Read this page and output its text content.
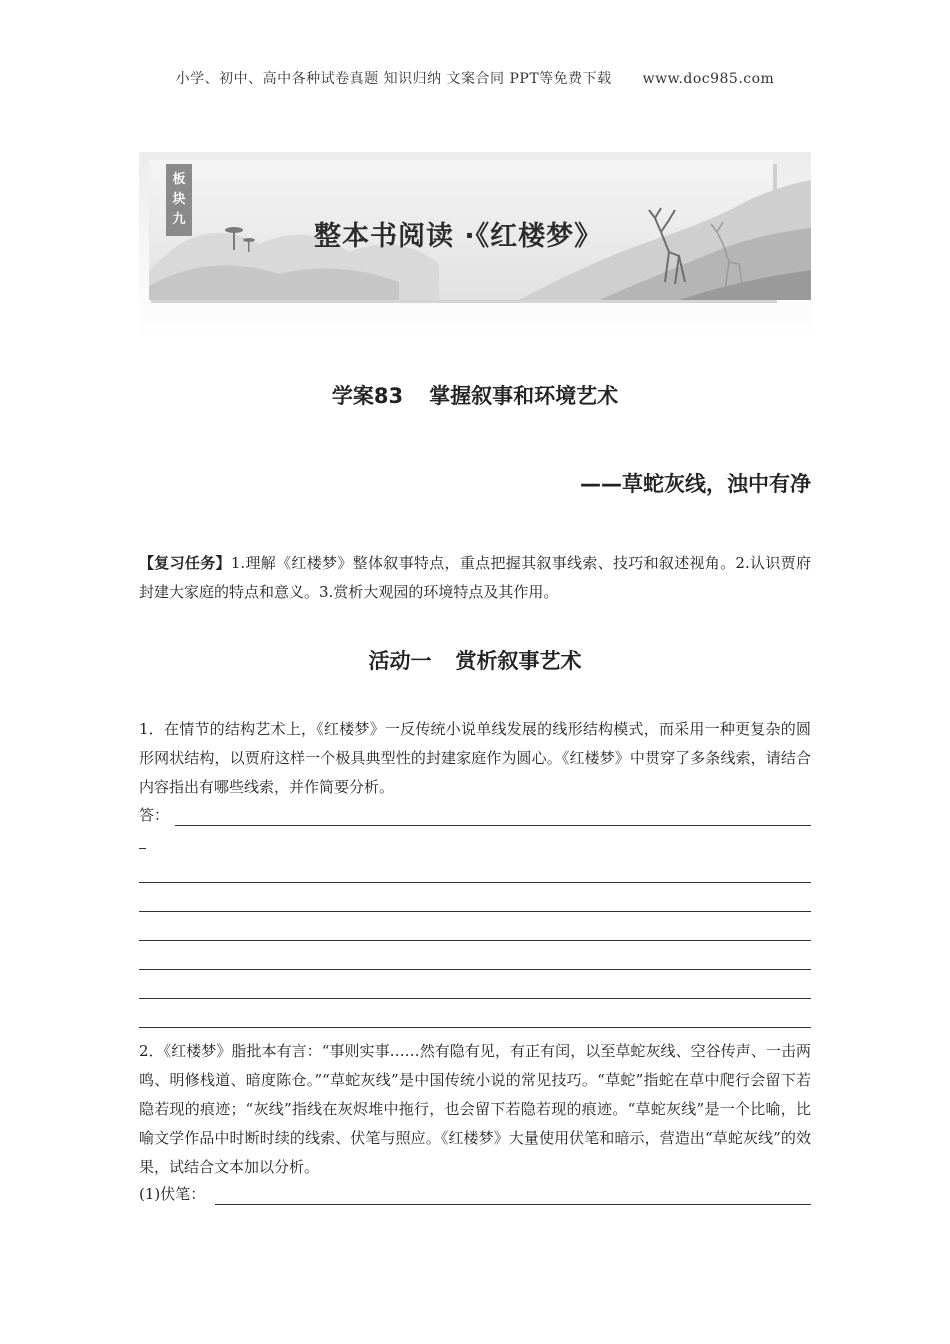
小学、初中、高中各种试卷真题 知识归纳 文案合同 PPT等免费下载 www.doc985.com
板
块
九
整本书阅读 ·《红楼梦》
学案83 掌握叙事和环境艺术
——草蛇灰线，浊中有净
【复习任务】1.理解《红楼梦》整体叙事特点，重点把握其叙事线索、技巧和叙述视角。2.认识贾府封建大家庭的特点和意义。3.赏析大观园的环境特点及其作用。
活动一 赏析叙事艺术
1．在情节的结构艺术上，《红楼梦》一反传统小说单线发展的线形结构模式，而采用一种更复杂的圆形网状结构，以贾府这样一个极具典型性的封建家庭作为圆心。《红楼梦》中贯穿了多条线索，请结合内容指出有哪些线索，并作简要分析。
答：
2．《红楼梦》脂批本有言：“事则实事……然有隐有见，有正有闰，以至草蛇灰线、空谷传声、一击两鸣、明修栈道、暗度陈仓。”“草蛇灰线”是中国传统小说的常见技巧。“草蛇”指蛇在草中爬行会留下若隐若现的痕迹；“灰线”指线在灰烬堆中拖行，也会留下若隐若现的痕迹。“草蛇灰线”是一个比喻，比喻文学作品中时断时续的线索、伏笔与照应。《红楼梦》大量使用伏笔和暗示，营造出“草蛇灰线”的效果，试结合文本加以分析。
(1)伏笔：
